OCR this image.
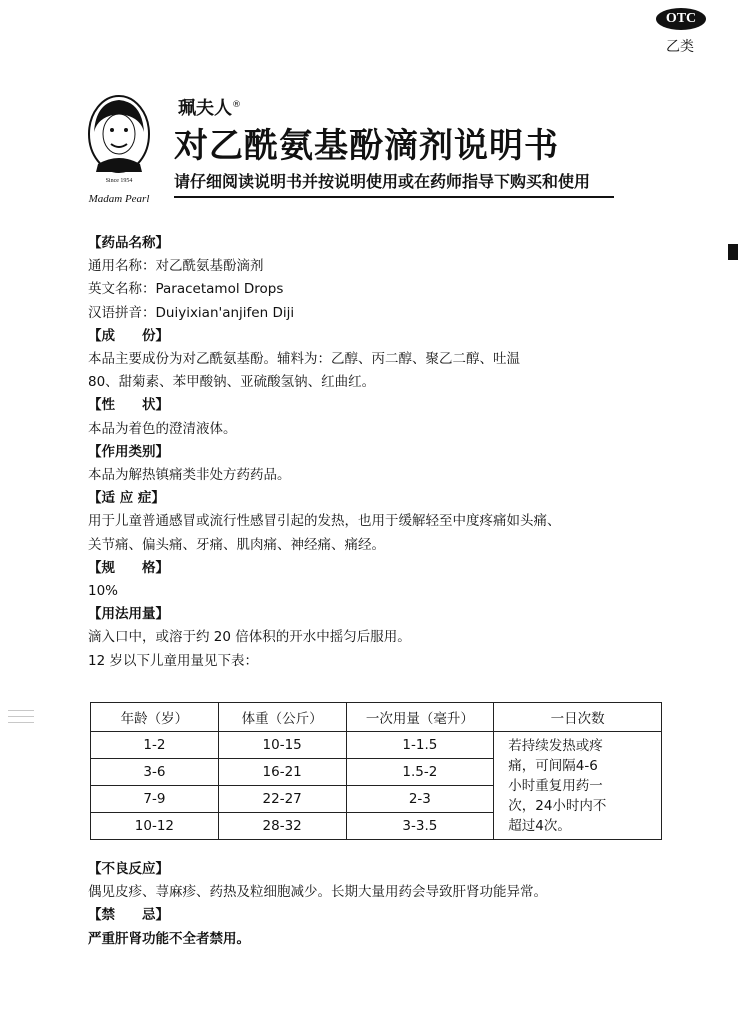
OTC
乙类
Since 1954
Madam Pearl
珮夫人®
对乙酰氨基酚滴剂说明书
请仔细阅读说明书并按说明使用或在药师指导下购买和使用
【药品名称】
通用名称：对乙酰氨基酚滴剂
英文名称：Paracetamol Drops
汉语拼音：Duiyixian'anjifen Diji
【成　　份】
本品主要成份为对乙酰氨基酚。辅料为：乙醇、丙二醇、聚乙二醇、吐温
80、甜菊素、苯甲酸钠、亚硫酸氢钠、红曲红。
【性　　状】
本品为着色的澄清液体。
【作用类别】
本品为解热镇痛类非处方药药品。
【适 应 症】
用于儿童普通感冒或流行性感冒引起的发热，也用于缓解轻至中度疼痛如头痛、
关节痛、偏头痛、牙痛、肌肉痛、神经痛、痛经。
【规　　格】
10%
【用法用量】
滴入口中，或溶于约 20 倍体积的开水中摇匀后服用。
12 岁以下儿童用量见下表：
年龄（岁）	体重（公斤）	一次用量（毫升）	一日次数
1-2	10-15	1-1.5	若持续发热或疼
痛，可间隔4-6
小时重复用药一
次，24小时内不
超过4次。

3-6	16-21	1.5-2	
7-9	22-27	2-3	
10-12	28-32	3-3.5	
【不良反应】
偶见皮疹、荨麻疹、药热及粒细胞减少。长期大量用药会导致肝肾功能异常。
【禁　　忌】
严重肝肾功能不全者禁用。
